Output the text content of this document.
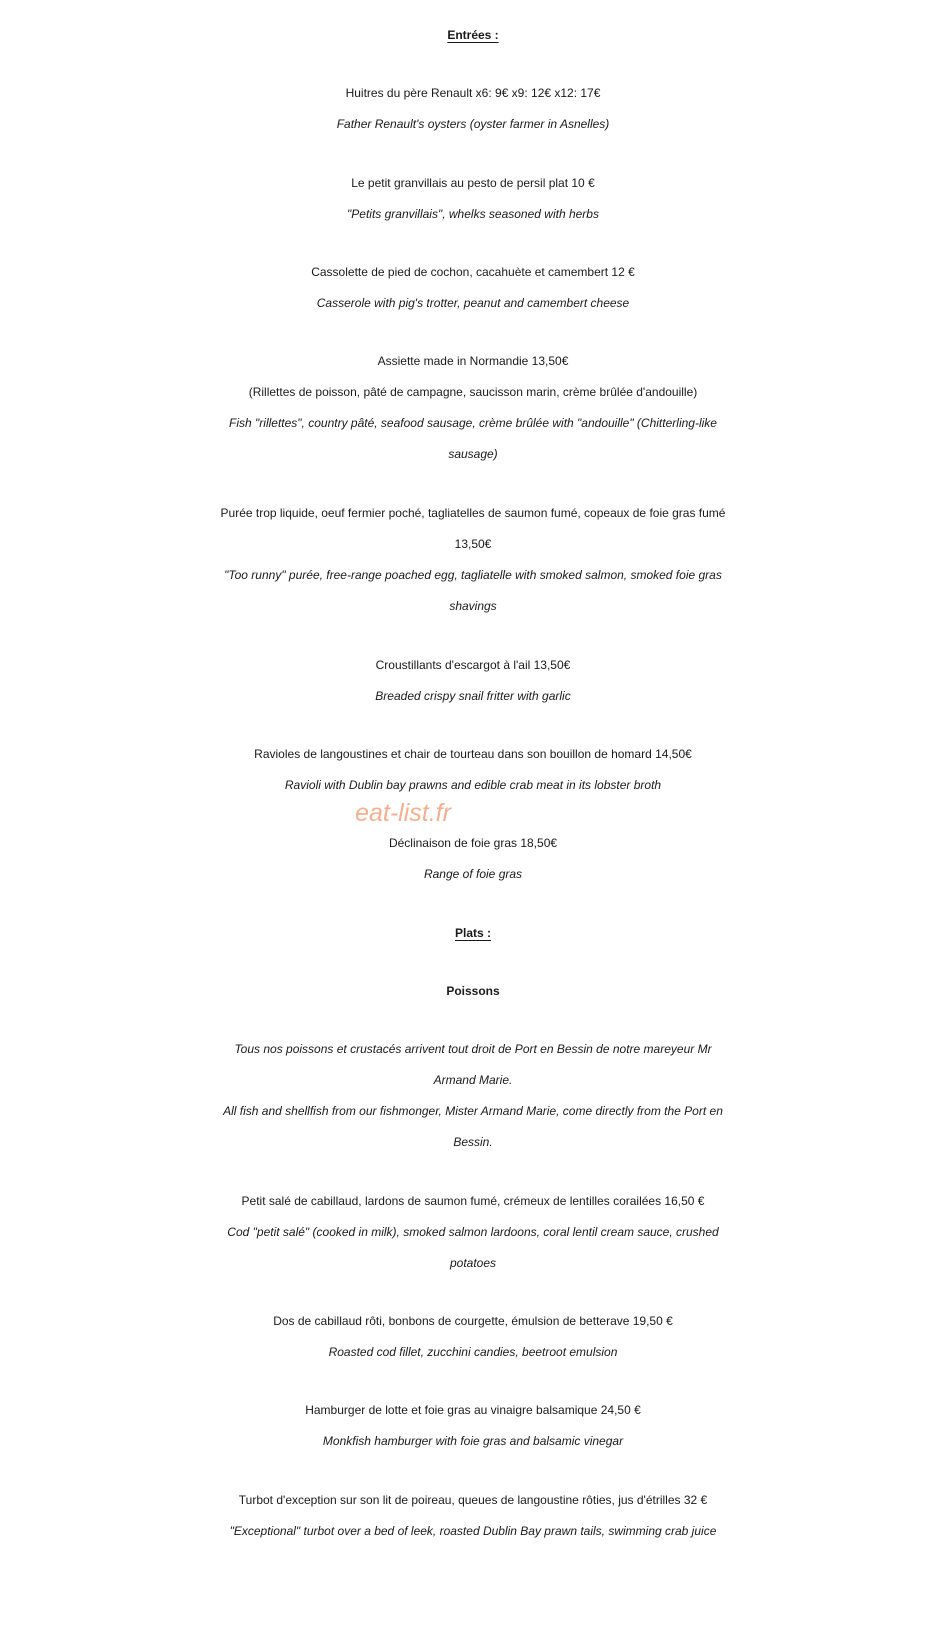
Entrées :
Huitres du père Renault x6: 9€ x9: 12€ x12: 17€
Father Renault's oysters (oyster farmer in Asnelles)
Le petit granvillais au pesto de persil plat 10 €
"Petits granvillais", whelks seasoned with herbs
Cassolette de pied de cochon, cacahuète et camembert 12 €
Casserole with pig's trotter, peanut and camembert cheese
Assiette made in Normandie 13,50€
(Rillettes de poisson, pâté de campagne, saucisson marin, crème brûlée d'andouille)
Fish "rillettes", country pâté, seafood sausage, crème brûlée with "andouille" (Chitterling-like
sausage)
Purée trop liquide, oeuf fermier poché, tagliatelles de saumon fumé, copeaux de foie gras fumé
13,50€
"Too runny" purée, free-range poached egg, tagliatelle with smoked salmon, smoked foie gras
shavings
Croustillants d'escargot à l'ail 13,50€
Breaded crispy snail fritter with garlic
Ravioles de langoustines et chair de tourteau dans son bouillon de homard 14,50€
Ravioli with Dublin bay prawns and edible crab meat in its lobster broth
eat-list.fr
Déclinaison de foie gras 18,50€
Range of foie gras
Plats :
Poissons
Tous nos poissons et crustacés arrivent tout droit de Port en Bessin de notre mareyeur Mr
Armand Marie.
All fish and shellfish from our fishmonger, Mister Armand Marie, come directly from the Port en
Bessin.
Petit salé de cabillaud, lardons de saumon fumé, crémeux de lentilles corailées 16,50 €
Cod "petit salé" (cooked in milk), smoked salmon lardoons, coral lentil cream sauce, crushed
potatoes
Dos de cabillaud rôti, bonbons de courgette, émulsion de betterave 19,50 €
Roasted cod fillet, zucchini candies, beetroot emulsion
Hamburger de lotte et foie gras au vinaigre balsamique 24,50 €
Monkfish hamburger with foie gras and balsamic vinegar
Turbot d'exception sur son lit de poireau, queues de langoustine rôties, jus d'étrilles 32 €
"Exceptional" turbot over a bed of leek, roasted Dublin Bay prawn tails, swimming crab juice
